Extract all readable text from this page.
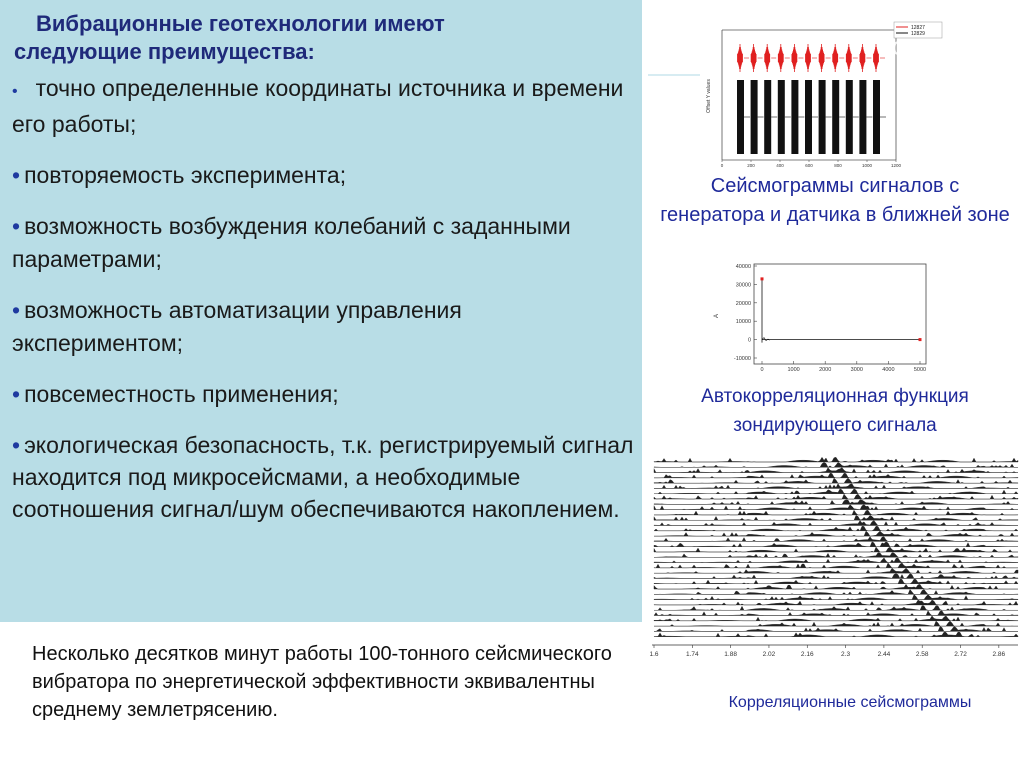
Вибрационные геотехнологии имеют
следующие преимущества:
• точно определенные координаты источника и времени его работы;
• повторяемость эксперимента;
• возможность возбуждения колебаний с заданными параметрами;
• возможность автоматизации управления экспериментом;
• повсеместность применения;
• экологическая безопасность, т.к. регистрируемый сигнал находится под микросейсмами, а необходимые соотношения сигнал/шум обеспечиваются накоплением.
Несколько десятков минут работы 100-тонного сейсмического вибратора по энергетической эффективности эквивалентны среднему землетрясению.
0	200	400	600	800	1000	1200
Offset Y values
12827
12829
0/180
Сейсмограммы сигналов с генератора и датчика в ближней зоне
40000
30000
20000
10000
0
-10000
0	1000	2000	3000	4000	5000
A
Автокорреляционная функция зондирующего сигнала
1.6	1.74	1.88	2.02	2.16	2.3	2.44	2.58	2.72	2.86
Корреляционные сейсмограммы
